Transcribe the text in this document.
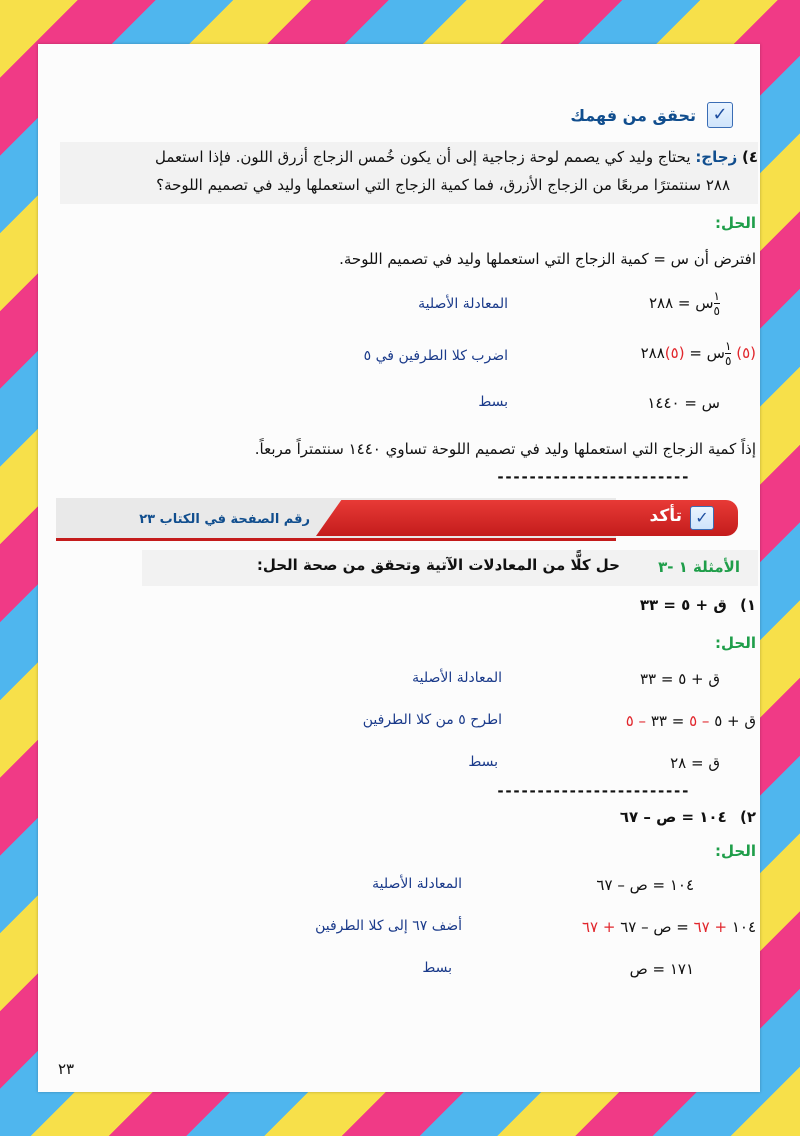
✓
تحقق من فهمك
٤) زجاج: يحتاج وليد كي يصمم لوحة زجاجية إلى أن يكون خُمس الزجاج أزرق اللون. فإذا استعمل
٢٨٨ سنتمترًا مربعًا من الزجاج الأزرق، فما كمية الزجاج التي استعملها وليد في تصميم اللوحة؟
الحل:
افترض أن س = كمية الزجاج التي استعملها وليد في تصميم اللوحة.
$\frac{١}{٥}$
س = ٢٨٨
المعادلة الأصلية
(٥)
$\frac{١}{٥}$
س = (٥)٢٨٨
اضرب كلا الطرفين في ٥
س = ١٤٤٠
بسط
إذاً كمية الزجاج التي استعملها وليد في تصميم اللوحة تساوي ١٤٤٠ سنتمتراً مربعاً.
------------------------
✓
تأكد
رقم الصفحة في الكتاب ٢٣
الأمثلة ١ -٣
حل كلًّا من المعادلات الآتية وتحقق من صحة الحل:
١) ق + ٥ = ٣٣
الحل:
ق + ٥ = ٣٣
المعادلة الأصلية
ق + ٥ – ٥ = ٣٣ – ٥
اطرح ٥ من كلا الطرفين
ق = ٢٨
بسط
------------------------
٢) ١٠٤ = ص – ٦٧
الحل:
١٠٤ = ص – ٦٧
المعادلة الأصلية
١٠٤ + ٦٧ = ص – ٦٧ + ٦٧
أضف ٦٧ إلى كلا الطرفين
١٧١ = ص
بسط
٢٣
